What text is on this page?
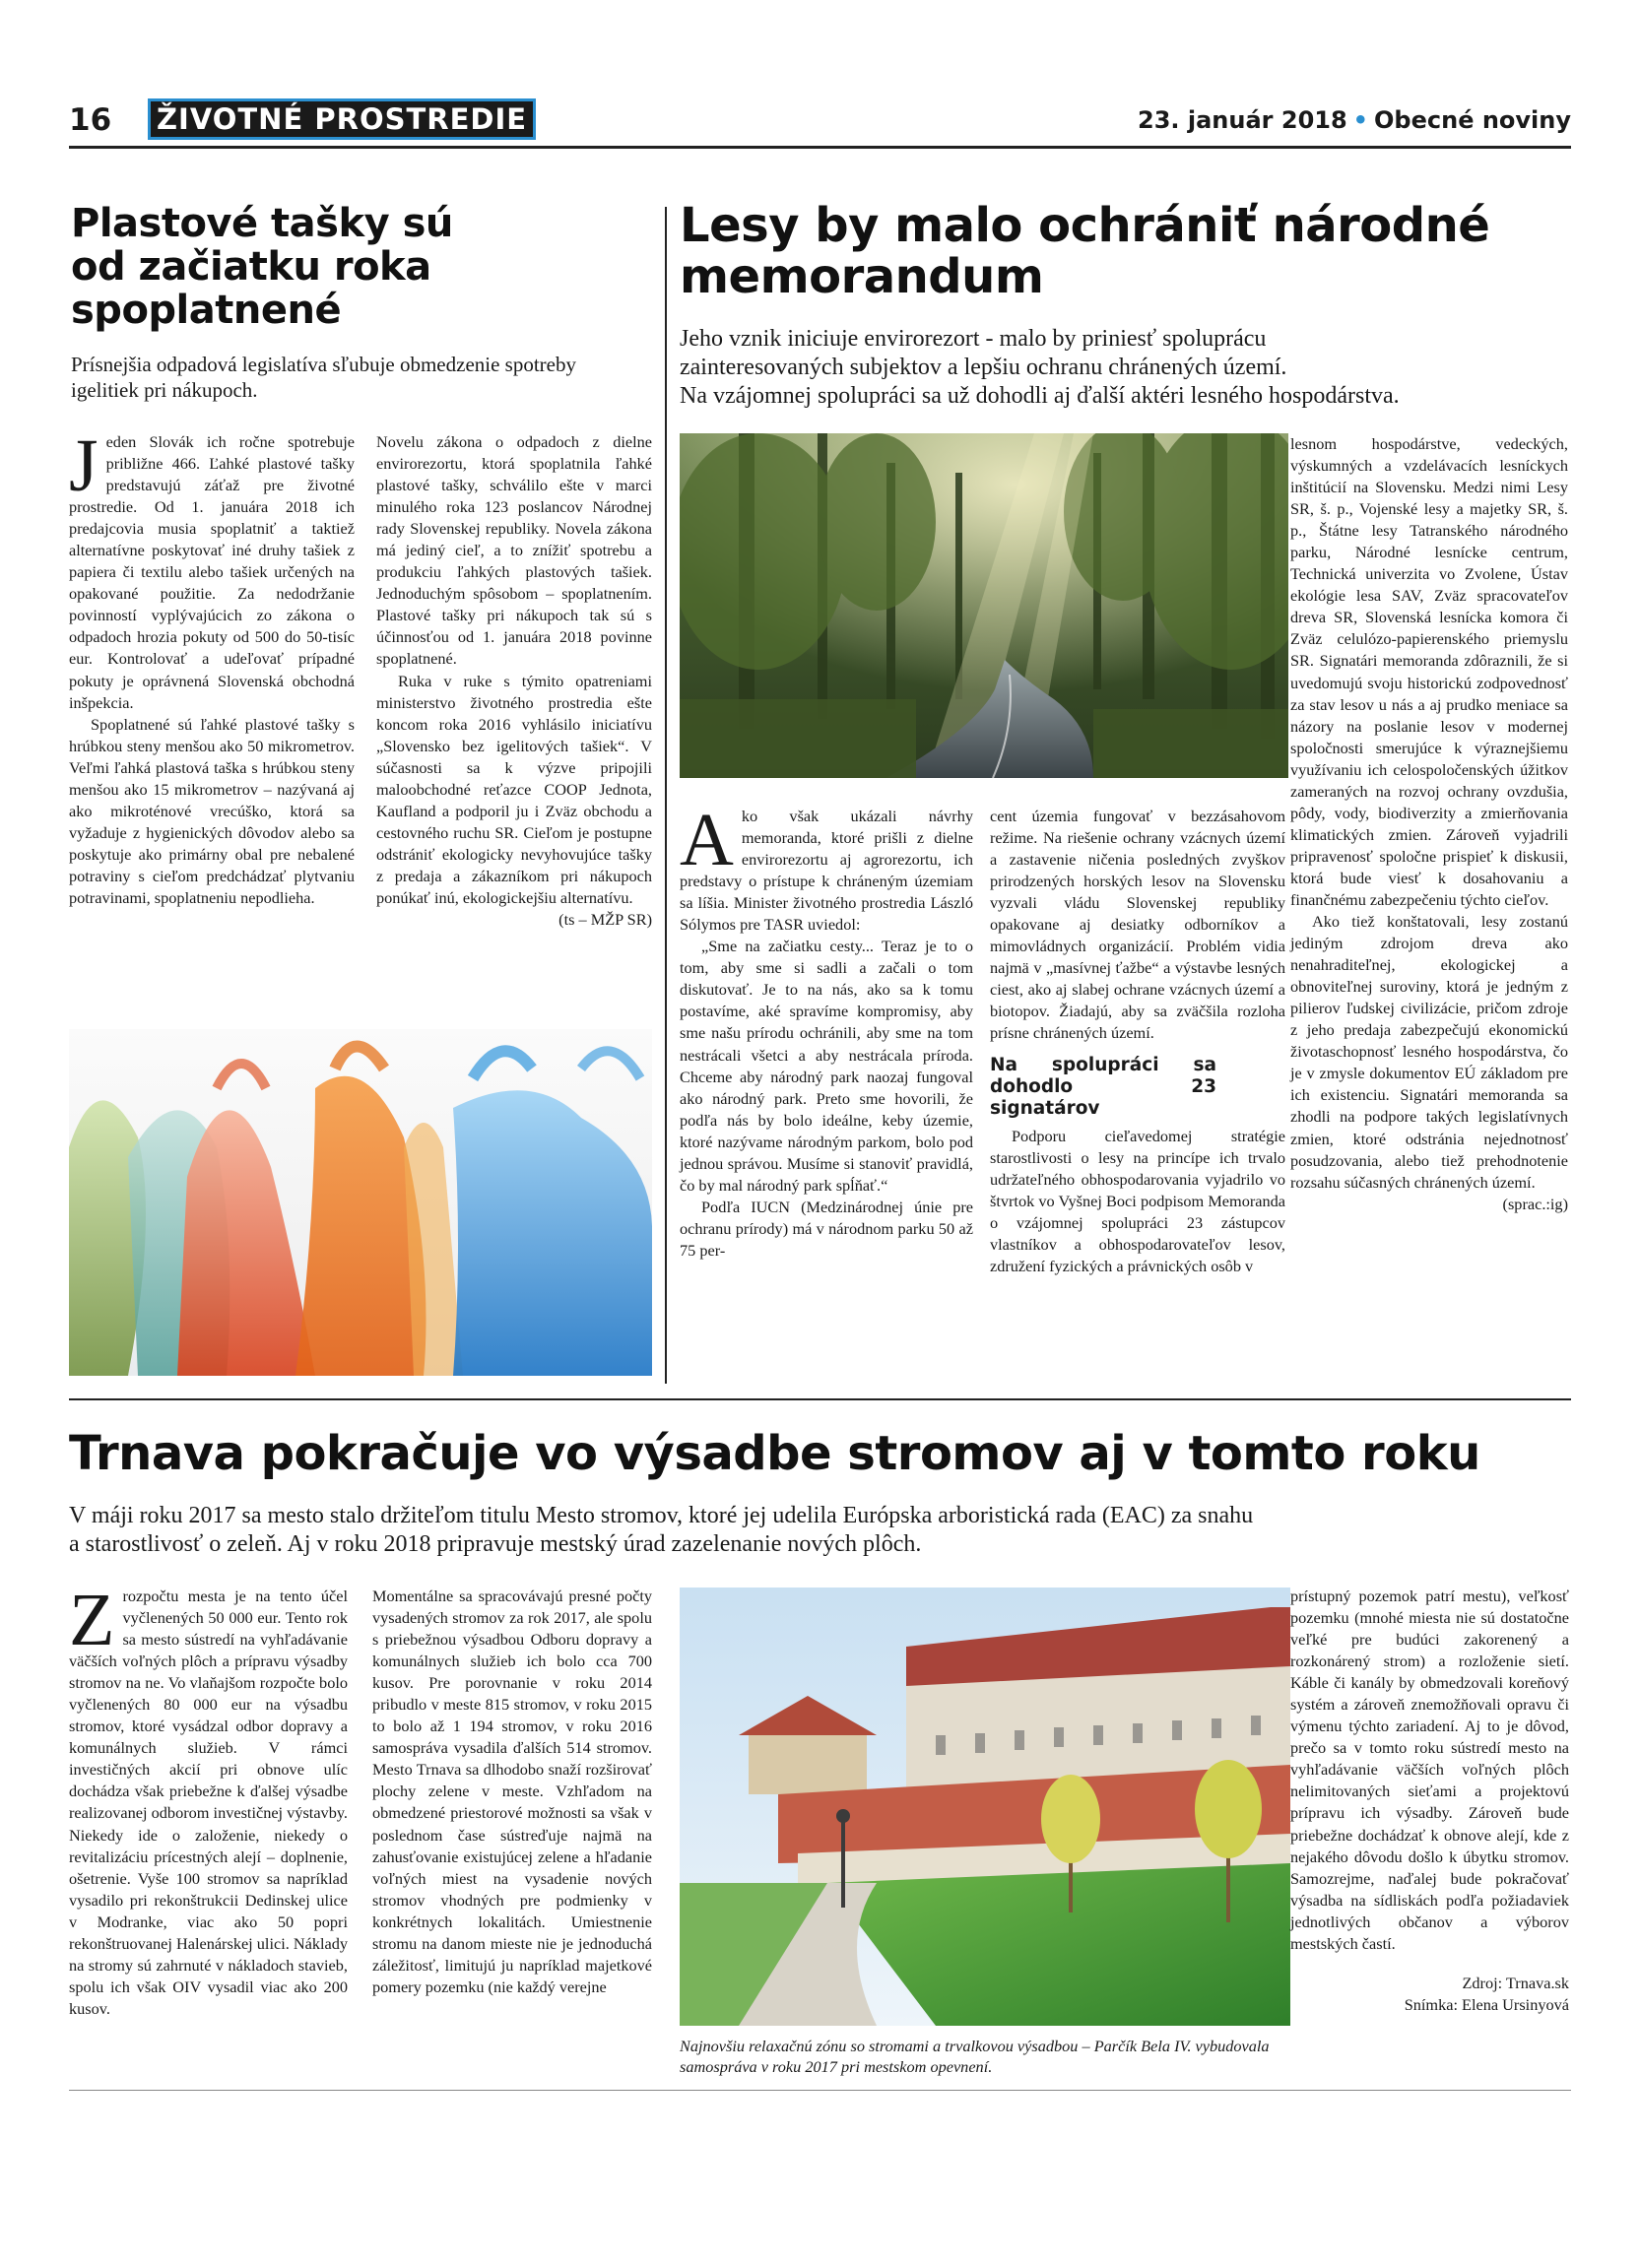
16 ŽIVOTNÉ PROSTREDIE	23. január 2018 • Obecné noviny
Plastové tašky sú od začiatku roka spoplatnené
Prísnejšia odpadová legislatíva sľubuje obmedzenie spotreby igelitiek pri nákupoch.

Jeden Slovák ich ročne spotrebuje približne 466. Ľahké plastové tašky predstavujú záťaž pre životné prostredie. Od 1. januára 2018 ich predajcovia musia spoplatniť a taktiež alternatívne poskytovať iné druhy tašiek z papiera či textilu alebo tašiek určených na opakované použitie. Za nedodržanie povinností vyplývajúcich zo zákona o odpadoch hrozia pokuty od 500 do 50-tisíc eur. Kontrolovať a udeľovať prípadné pokuty je oprávnená Slovenská obchodná inšpekcia.

Spoplatnené sú ľahké plastové tašky s hrúbkou steny menšou ako 50 mikrometrov. Veľmi ľahká plastová taška s hrúbkou steny menšou ako 15 mikrometrov – nazývaná aj ako mikroténové vrecúško, ktorá sa vyžaduje z hygienických dôvodov alebo sa poskytuje ako primárny obal pre nebalené potraviny s cieľom predchádzať plytvaniu potravinami, spoplatneniu nepodlieha.

Novelu zákona o odpadoch z dielne envirorezortu, ktorá spoplatnila ľahké plastové tašky, schválilo ešte v marci minulého roka 123 poslancov Národnej rady Slovenskej republiky. Novela zákona má jediný cieľ, a to znížiť spotrebu a produkciu ľahkých plastových tašiek. Jednoduchým spôsobom – spoplatnením. Plastové tašky pri nákupoch tak sú s účinnosťou od 1. januára 2018 povinne spoplatnené.

Ruka v ruke s týmito opatreniami ministerstvo životného prostredia ešte koncom roka 2016 vyhlásilo iniciatívu „Slovensko bez igelitových tašiek“. V súčasnosti sa k výzve pripojili maloobchodné reťazce COOP Jednota, Kaufland a podporil ju i Zväz obchodu a cestovného ruchu SR. Cieľom je postupne odstrániť ekologicky nevyhovujúce tašky z predaja a zákazníkom pri nákupoch ponúkať inú, ekologickejšiu alternatívu.

(ts – MŽP SR)

Lesy by malo ochrániť národné
memorandum
Jeho vznik iniciuje envirorezort - malo by priniesť spoluprácu
zainteresovaných subjektov a lepšiu ochranu chránených území.
Na vzájomnej spolupráci sa už dohodli aj ďalší aktéri lesného hospodárstva.

Ako však ukázali návrhy memoranda, ktoré prišli z dielne envirorezortu aj agrorezortu, ich predstavy o prístupe k chráneným územiam sa líšia. Minister životného prostredia László Sólymos pre TASR uviedol:

„Sme na začiatku cesty... Teraz je to o tom, aby sme si sadli a začali o tom diskutovať. Je to na nás, ako sa k tomu postavíme, aké spravíme kompromisy, aby sme našu prírodu ochránili, aby sme na tom nestrácali všetci a aby nestrácala príroda. Chceme aby národný park naozaj fungoval ako národný park. Preto sme hovorili, že podľa nás by bolo ideálne, keby územie, ktoré nazývame národným parkom, bolo pod jednou správou. Musíme si stanoviť pravidlá, čo by mal národný park spĺňať.“

Podľa IUCN (Medzinárodnej únie pre ochranu prírody) má v národnom parku 50 až 75 per-

cent územia fungovať v bezzásahovom režime. Na riešenie ochrany vzácnych území a zastavenie ničenia posledných zvyškov prirodzených horských lesov na Slovensku vyzvali vládu Slovenskej republiky opakovane aj desiatky odborníkov a mimovládnych organizácií. Problém vidia najmä v „masívnej ťažbe“ a výstavbe lesných ciest, ako aj slabej ochrane vzácnych území a biotopov. Žiadajú, aby sa zväčšila rozloha prísne chránených území.

Na spolupráci sa dohodlo 23 signatárov

Podporu cieľavedomej stratégie starostlivosti o lesy na princípe ich trvalo udržateľného obhospodarovania vyjadrilo vo štvrtok vo Vyšnej Boci podpisom Memoranda o vzájomnej spolupráci 23 zástupcov vlastníkov a obhospodarovateľov lesov, združení fyzických a právnických osôb v

lesnom hospodárstve, vedeckých, výskumných a vzdelávacích lesníckych inštitúcií na Slovensku. Medzi nimi Lesy SR, š. p., Vojenské lesy a majetky SR, š. p., Štátne lesy Tatranského národného parku, Národné lesnícke centrum, Technická univerzita vo Zvolene, Ústav ekológie lesa SAV, Zväz spracovateľov dreva SR, Slovenská lesnícka komora či Zväz celulózo-papierenského priemyslu SR. Signatári memoranda zdôraznili, že si uvedomujú svoju historickú zodpovednosť za stav lesov u nás a aj prudko meniace sa názory na poslanie lesov v modernej spoločnosti smerujúce k výraznejšiemu využívaniu ich celospoločenských úžitkov zameraných na rozvoj ochrany ovzdušia, pôdy, vody, biodiverzity a zmierňovania klimatických zmien. Zároveň vyjadrili pripravenosť spoločne prispieť k diskusii, ktorá bude viesť k dosahovaniu a finančnému zabezpečeniu týchto cieľov.

Ako tiež konštatovali, lesy zostanú jediným zdrojom dreva ako nenahraditeľnej, ekologickej a obnoviteľnej suroviny, ktorá je jedným z pilierov ľudskej civilizácie, pričom zdroje z jeho predaja zabezpečujú ekonomickú životaschopnosť lesného hospodárstva, čo je v zmysle dokumentov EÚ základom pre ich existenciu. Signatári memoranda sa zhodli na podpore takých legislatívnych zmien, ktoré odstránia nejednotnosť posudzovania, alebo tiež prehodnotenie rozsahu súčasných chránených území.

(sprac.:ig)

Trnava pokračuje vo výsadbe stromov aj v tomto roku
V máji roku 2017 sa mesto stalo držiteľom titulu Mesto stromov, ktoré jej udelila Európska arboristická rada (EAC) za snahu
a starostlivosť o zeleň. Aj v roku 2018 pripravuje mestský úrad zazelenanie nových plôch.

Zrozpočtu mesta je na tento účel vyčlenených 50 000 eur. Tento rok sa mesto sústredí na vyhľadávanie väčších voľných plôch a prípravu výsadby stromov na ne. Vo vlaňajšom rozpočte bolo vyčlenených 80 000 eur na výsadbu stromov, ktoré vysádzal odbor dopravy a komunálnych služieb. V rámci investičných akcií pri obnove ulíc dochádza však priebežne k ďalšej výsadbe realizovanej odborom investičnej výstavby. Niekedy ide o založenie, niekedy o revitalizáciu prícestných alejí – doplnenie, ošetrenie. Vyše 100 stromov sa napríklad vysadilo pri rekonštrukcii Dedinskej ulice v Modranke, viac ako 50 popri rekonštruovanej Halenárskej ulici. Náklady na stromy sú zahrnuté v nákladoch stavieb, spolu ich však OIV vysadil viac ako 200 kusov.

Momentálne sa spracovávajú presné počty vysadených stromov za rok 2017, ale spolu s priebežnou výsadbou Odboru dopravy a komunálnych služieb ich bolo cca 700 kusov. Pre porovnanie v roku 2014 pribudlo v meste 815 stromov, v roku 2015 to bolo až 1 194 stromov, v roku 2016 samosprávа vysadila ďalších 514 stromov. Mesto Trnava sa dlhodobo snaží rozširovať plochy zelene v meste. Vzhľadom na obmedzené priestorové možnosti sa však v poslednom čase sústreďuje najmä na zahusťovanie existujúcej zelene a hľadanie voľných miest na vysadenie nových stromov vhodných pre podmienky v konkrétnych lokalitách. Umiestnenie stromu na danom mieste nie je jednoduchá záležitosť, limitujú ju napríklad majetkové pomery pozemku (nie každý verejne

Najnovšiu relaxačnú zónu so stromami a trvalkovou výsadbou – Parčík Bela IV. vybudovala samospráva v roku 2017 pri mestskom opevnení.

prístupný pozemok patrí mestu), veľkosť pozemku (mnohé miesta nie sú dostatočne veľké pre budúci zakorenený a rozkonárený strom) a rozloženie sietí. Káble či kanály by obmedzovali koreňový systém a zároveň znemožňovali opravu či výmenu týchto zariadení. Aj to je dôvod, prečo sa v tomto roku sústredí mesto na vyhľadávanie väčších voľných plôch nelimitovaných sieťami a projektovú prípravu ich výsadby. Zároveň bude priebežne dochádzať k obnove alejí, kde z nejakého dôvodu došlo k úbytku stromov. Samozrejme, naďalej bude pokračovať výsadba na sídliskách podľa požiadaviek jednotlivých občanov a výborov mestských častí.

Zdroj: Trnava.sk
Snímka: Elena Ursinyová
